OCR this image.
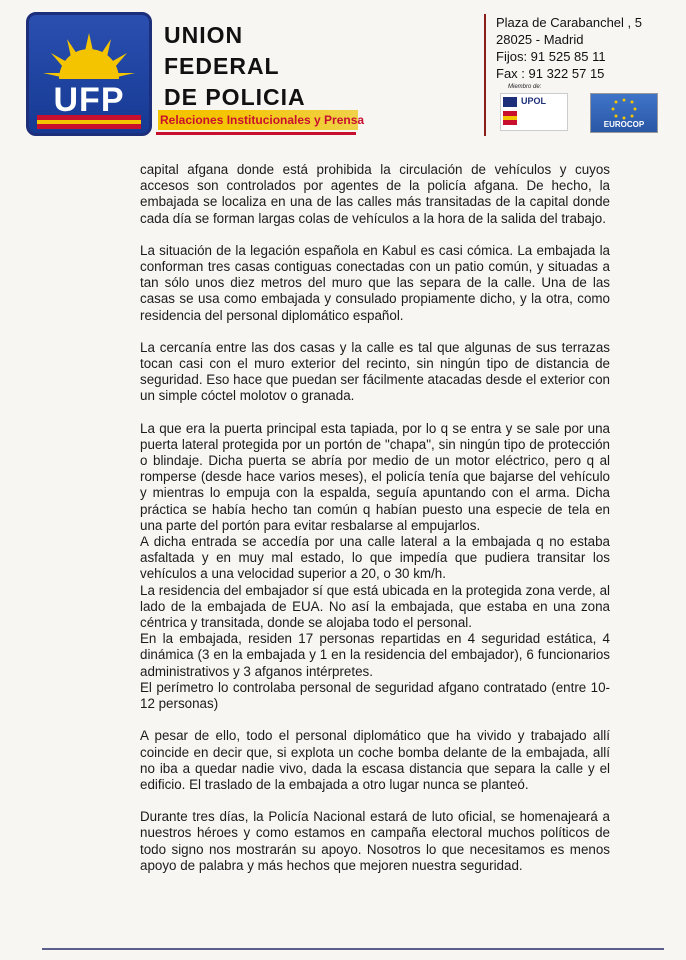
UFP
UNION
FEDERAL
DE POLICIA
Relaciones Institucionales y Prensa
Plaza de Carabanchel , 5
28025 - Madrid
Fijos: 91 525 85 11
Fax : 91 322 57 15
Miembro de:
UPOL
EUROCOP

capital afgana donde está prohibida la circulación de vehículos y cuyos accesos son controlados por agentes de la policía afgana. De hecho, la embajada se localiza en una de las calles más transitadas de la capital donde cada día se forman largas colas de vehículos a la hora de la salida del trabajo.

La situación de la legación española en Kabul es casi cómica. La embajada la conforman tres casas contiguas conectadas con un patio común, y situadas a tan sólo unos diez metros del muro que las separa de la calle. Una de las casas se usa como embajada y consulado propiamente dicho, y la otra, como residencia del personal diplomático español.

La cercanía entre las dos casas y la calle es tal que algunas de sus terrazas tocan casi con el muro exterior del recinto, sin ningún tipo de distancia de seguridad. Eso hace que puedan ser fácilmente atacadas desde el exterior con un simple cóctel molotov o granada.

La que era la puerta principal esta tapiada, por lo q se entra y se sale por una puerta lateral protegida por un portón de "chapa", sin ningún tipo de protección o blindaje. Dicha puerta se abría por medio de un motor eléctrico, pero q al romperse (desde hace varios meses), el policía tenía que bajarse del vehículo y mientras lo empuja con la espalda, seguía apuntando con el arma. Dicha práctica se había hecho tan común q habían puesto una especie de tela en una parte del portón para evitar resbalarse al empujarlos.

A dicha entrada se accedía por una calle lateral a la embajada q no estaba asfaltada y en muy mal estado, lo que impedía que pudiera transitar los vehículos a una velocidad superior a 20, o 30 km/h.

La residencia del embajador sí que está ubicada en la protegida zona verde, al lado de la embajada de EUA. No así la embajada, que estaba en una zona céntrica y transitada, donde se alojaba todo el personal.

En la embajada, residen 17 personas repartidas en 4 seguridad estática, 4 dinámica (3 en la embajada y 1 en la residencia del embajador), 6 funcionarios administrativos y 3 afganos intérpretes.

El perímetro lo controlaba personal de seguridad afgano contratado (entre 10-12 personas)

A pesar de ello, todo el personal diplomático que ha vivido y trabajado allí coincide en decir que, si explota un coche bomba delante de la embajada, allí no iba a quedar nadie vivo, dada la escasa distancia que separa la calle y el edificio. El traslado de la embajada a otro lugar nunca se planteó.

Durante tres días, la Policía Nacional estará de luto oficial, se homenajeará a nuestros héroes y como estamos en campaña electoral muchos políticos de todo signo nos mostrarán su apoyo. Nosotros lo que necesitamos es menos apoyo de palabra y más hechos que mejoren nuestra seguridad.
